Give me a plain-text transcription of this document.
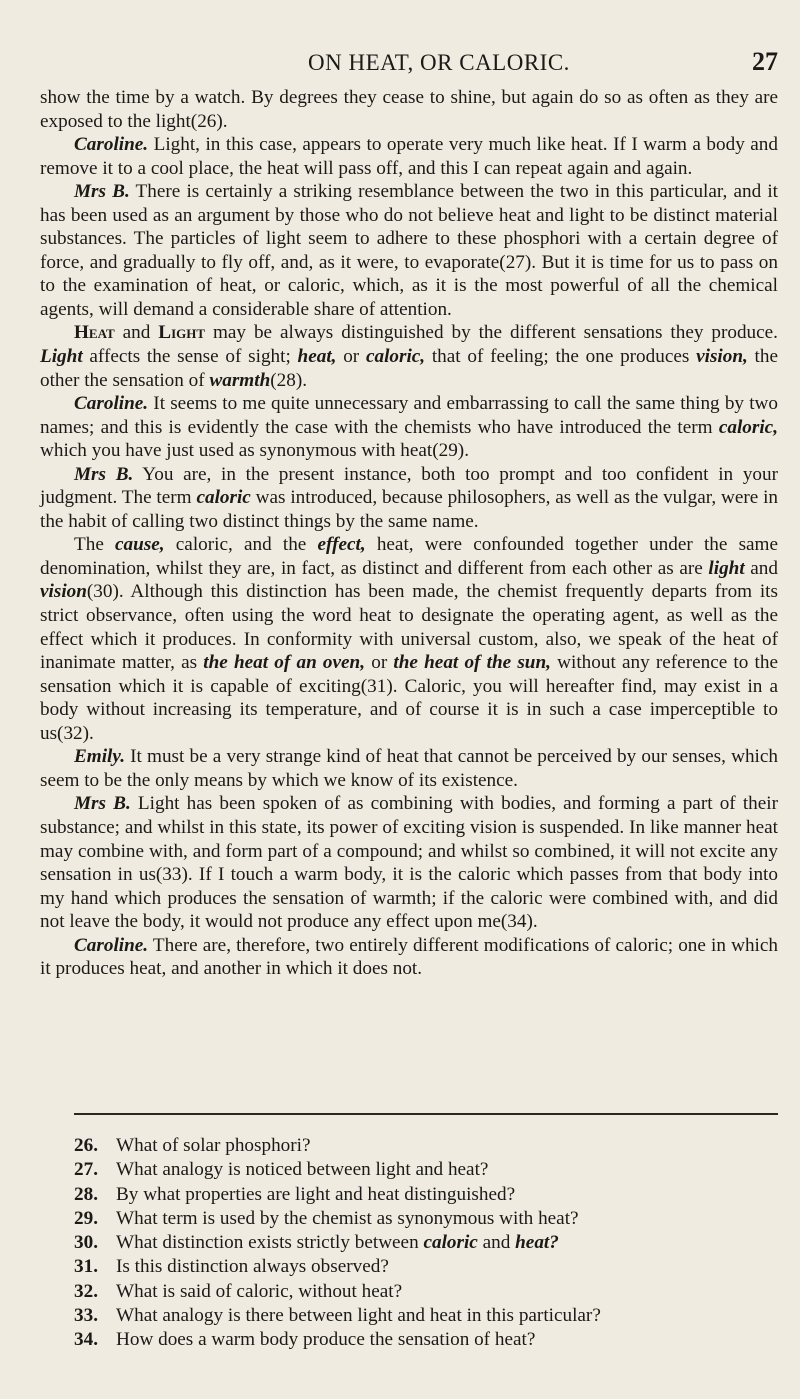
ON HEAT, OR CALORIC.	27

show the time by a watch. By degrees they cease to shine, but again do so as often as they are exposed to the light(26).

Caroline. Light, in this case, appears to operate very much like heat. If I warm a body and remove it to a cool place, the heat will pass off, and this I can repeat again and again.

Mrs B. There is certainly a striking resemblance between the two in this particular, and it has been used as an argument by those who do not believe heat and light to be distinct material substances. The particles of light seem to adhere to these phosphori with a certain degree of force, and gradually to fly off, and, as it were, to evaporate(27). But it is time for us to pass on to the examination of heat, or caloric, which, as it is the most powerful of all the chemical agents, will demand a considerable share of attention.

Heat and Light may be always distinguished by the different sensations they produce. Light affects the sense of sight; heat, or caloric, that of feeling; the one produces vision, the other the sensation of warmth(28).

Caroline. It seems to me quite unnecessary and embarrassing to call the same thing by two names; and this is evidently the case with the chemists who have introduced the term caloric, which you have just used as synonymous with heat(29).

Mrs B. You are, in the present instance, both too prompt and too confident in your judgment. The term caloric was introduced, because philosophers, as well as the vulgar, were in the habit of calling two distinct things by the same name.

The cause, caloric, and the effect, heat, were confounded together under the same denomination, whilst they are, in fact, as distinct and different from each other as are light and vision(30). Although this distinction has been made, the chemist frequently departs from its strict observance, often using the word heat to designate the operating agent, as well as the effect which it produces. In conformity with universal custom, also, we speak of the heat of inanimate matter, as the heat of an oven, or the heat of the sun, without any reference to the sensation which it is capable of exciting(31). Caloric, you will hereafter find, may exist in a body without increasing its temperature, and of course it is in such a case imperceptible to us(32).

Emily. It must be a very strange kind of heat that cannot be perceived by our senses, which seem to be the only means by which we know of its existence.

Mrs B. Light has been spoken of as combining with bodies, and forming a part of their substance; and whilst in this state, its power of exciting vision is suspended. In like manner heat may combine with, and form part of a compound; and whilst so combined, it will not excite any sensation in us(33). If I touch a warm body, it is the caloric which passes from that body into my hand which produces the sensation of warmth; if the caloric were combined with, and did not leave the body, it would not produce any effect upon me(34).

Caroline. There are, therefore, two entirely different modifications of caloric; one in which it produces heat, and another in which it does not.

26. What of solar phosphori?
27. What analogy is noticed between light and heat?
28. By what properties are light and heat distinguished?
29. What term is used by the chemist as synonymous with heat?
30. What distinction exists strictly between caloric and heat?
31. Is this distinction always observed?
32. What is said of caloric, without heat?
33. What analogy is there between light and heat in this particular?
34. How does a warm body produce the sensation of heat?
